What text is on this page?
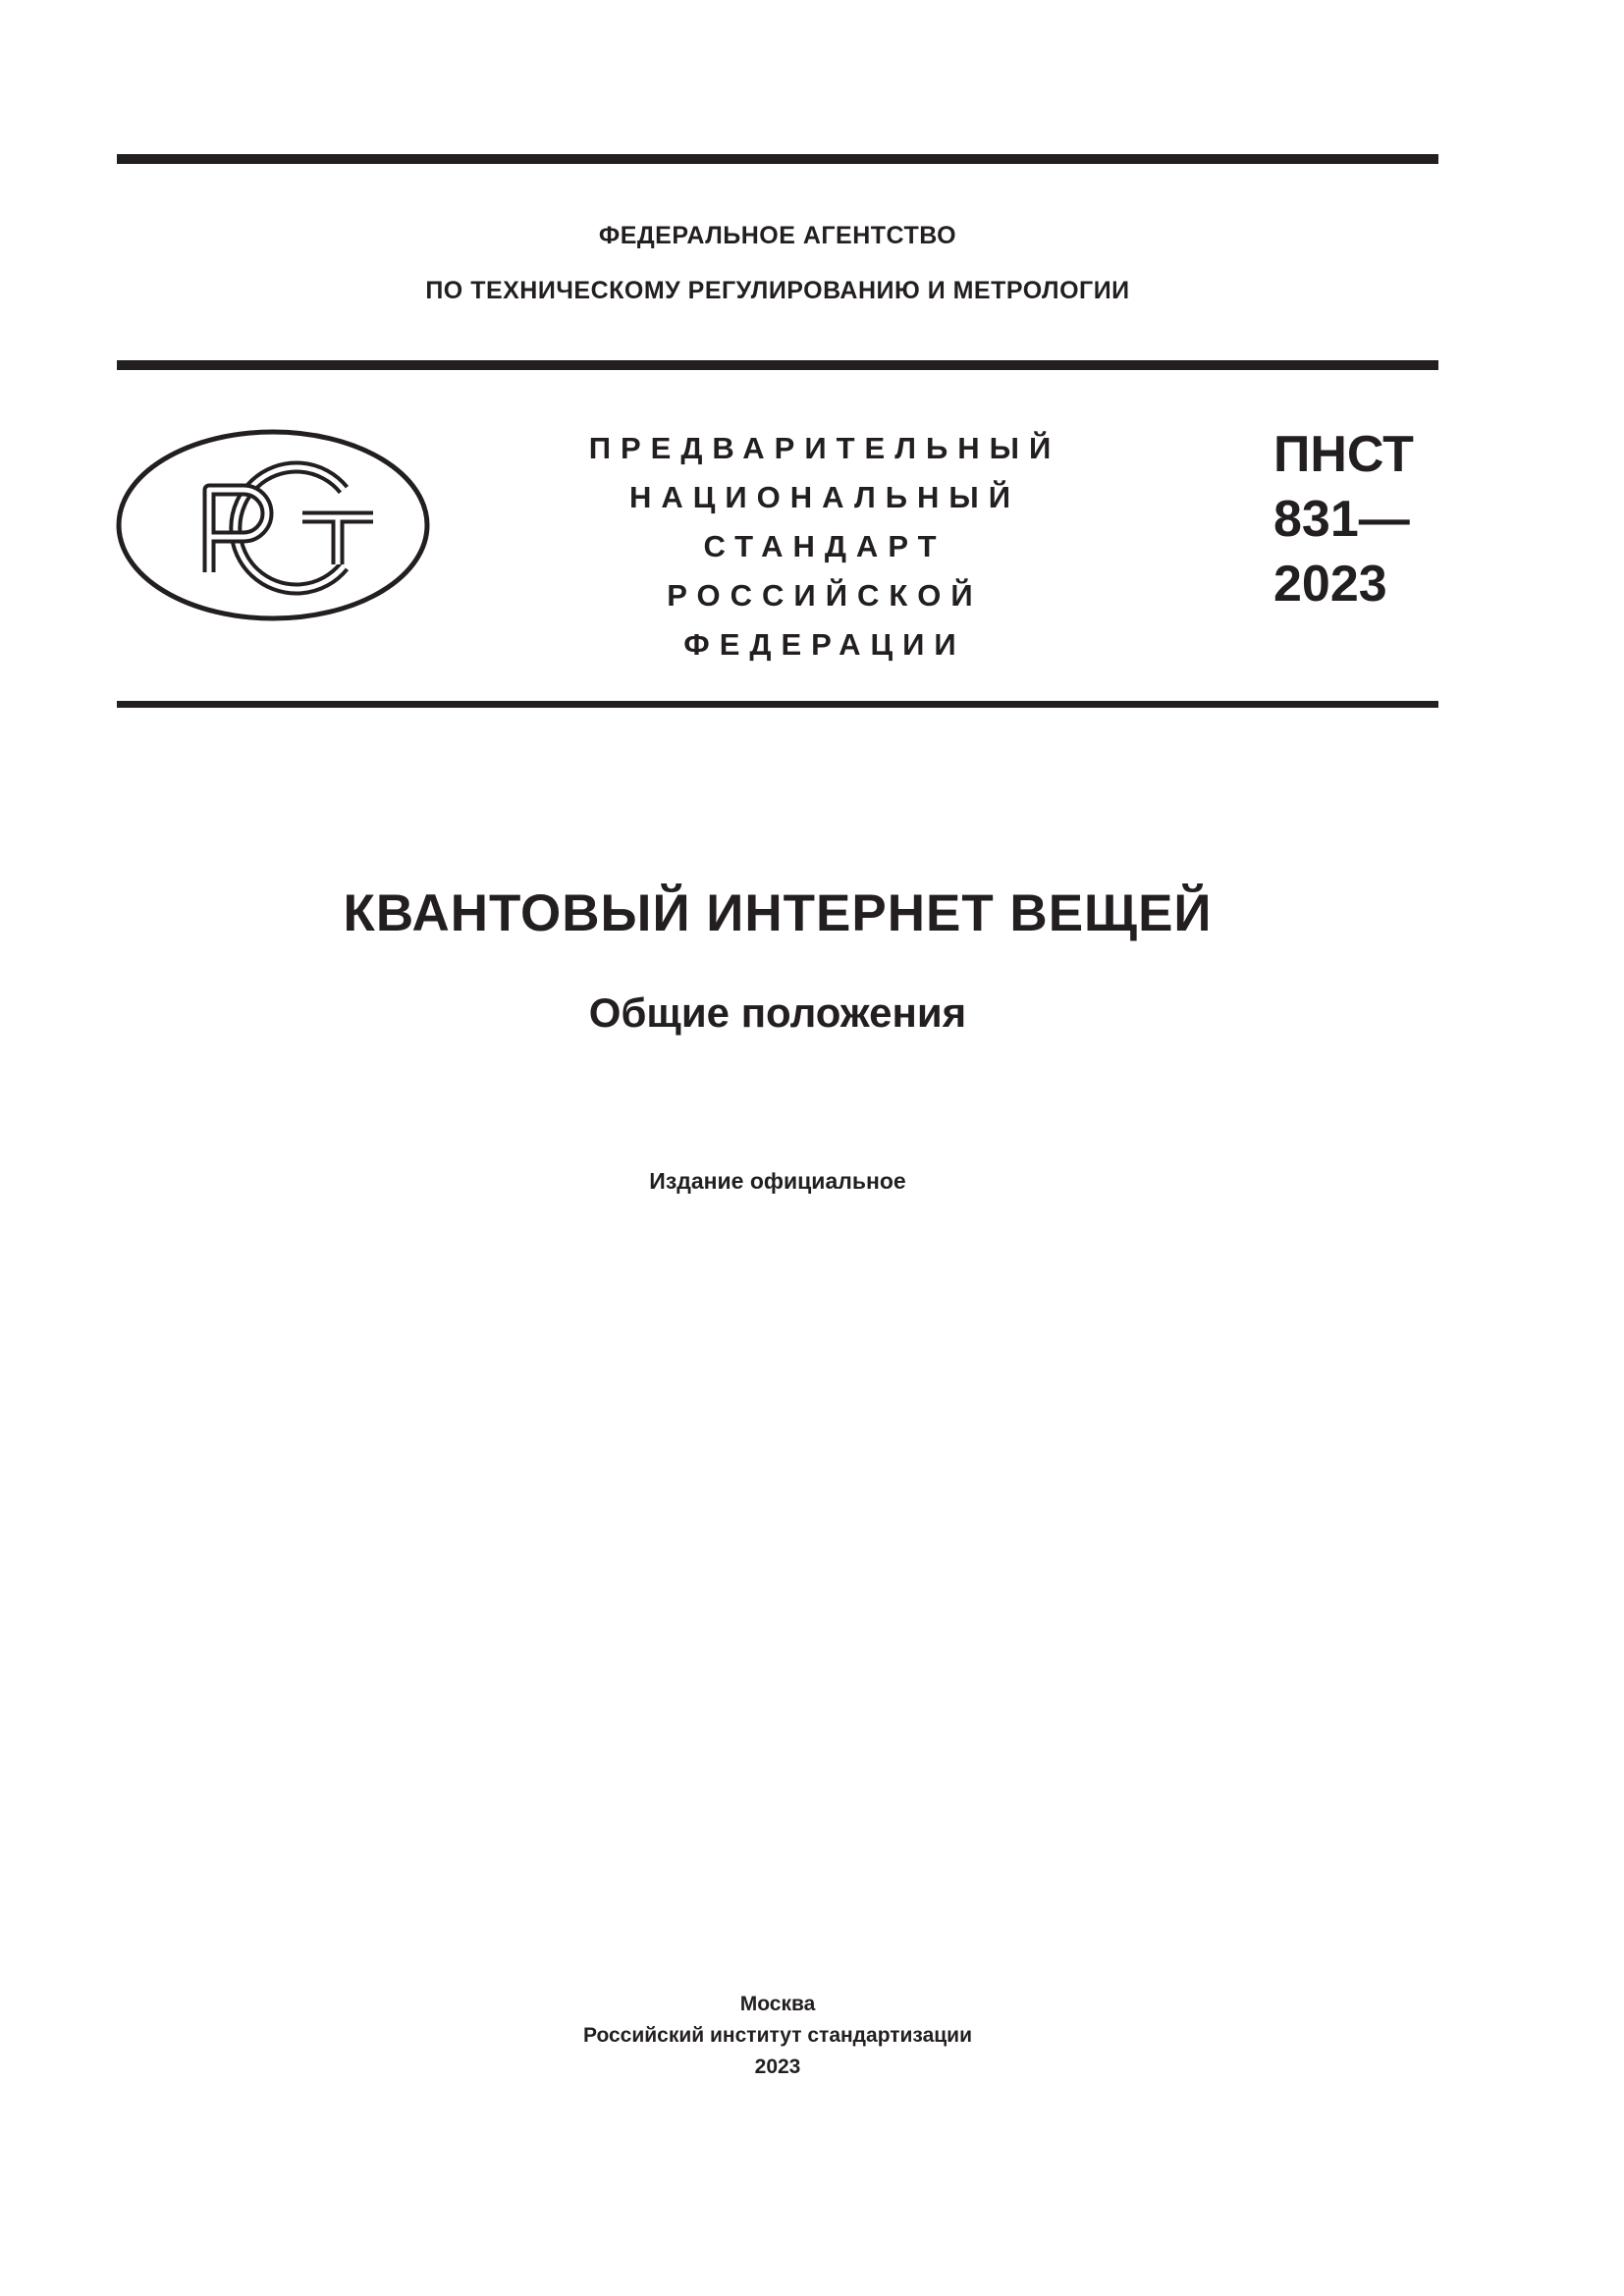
ФЕДЕРАЛЬНОЕ АГЕНТСТВО
ПО ТЕХНИЧЕСКОМУ РЕГУЛИРОВАНИЮ И МЕТРОЛОГИИ
ПРЕДВАРИТЕЛЬНЫЙ
НАЦИОНАЛЬНЫЙ
СТАНДАРТ
РОССИЙСКОЙ
ФЕДЕРАЦИИ
ПНСТ
831—
2023
КВАНТОВЫЙ ИНТЕРНЕТ ВЕЩЕЙ
Общие положения
Издание официальное
Москва
Российский институт стандартизации
2023
